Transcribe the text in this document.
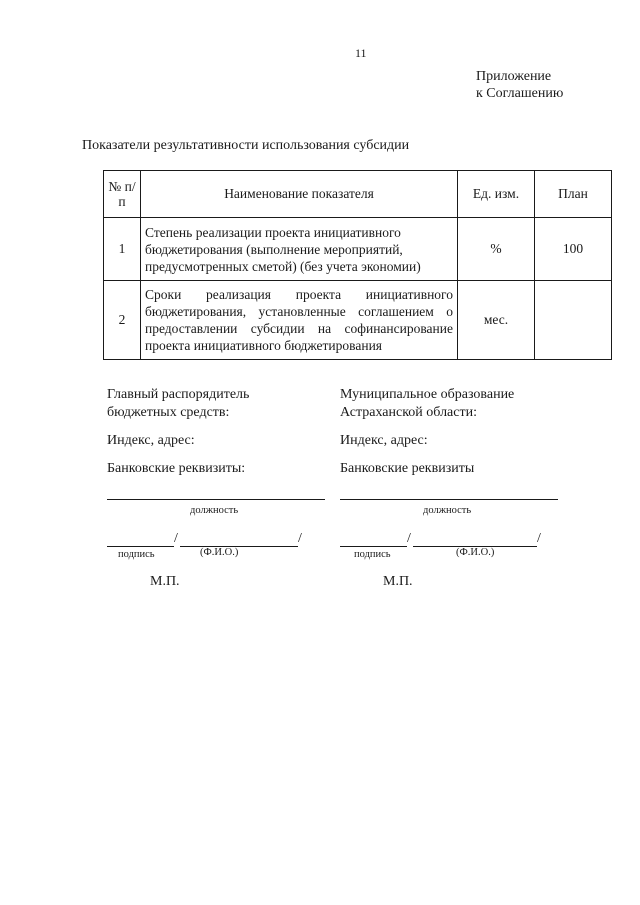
11
Приложение
к Соглашению
Показатели результативности использования субсидии
№ п/п	Наименование показателя	Ед. изм.	План
1	Степень реализации проекта инициативного бюджетирования (выполнение мероприятий, предусмотренных сметой) (без учета экономии)	%	100
2	Сроки реализация проекта инициативного бюджетирования, установленные соглашением о предоставлении субсидии на софинансирование проекта инициативного бюджетирования	мес.	
Главный распорядитель
бюджетных средств:
Индекс, адрес:
Банковские реквизиты:
должность
/	/
подпись	(Ф.И.О.)
М.П.
Муниципальное образование
Астраханской области:
Индекс, адрес:
Банковские реквизиты
должность
/	/
подпись	(Ф.И.О.)
М.П.
